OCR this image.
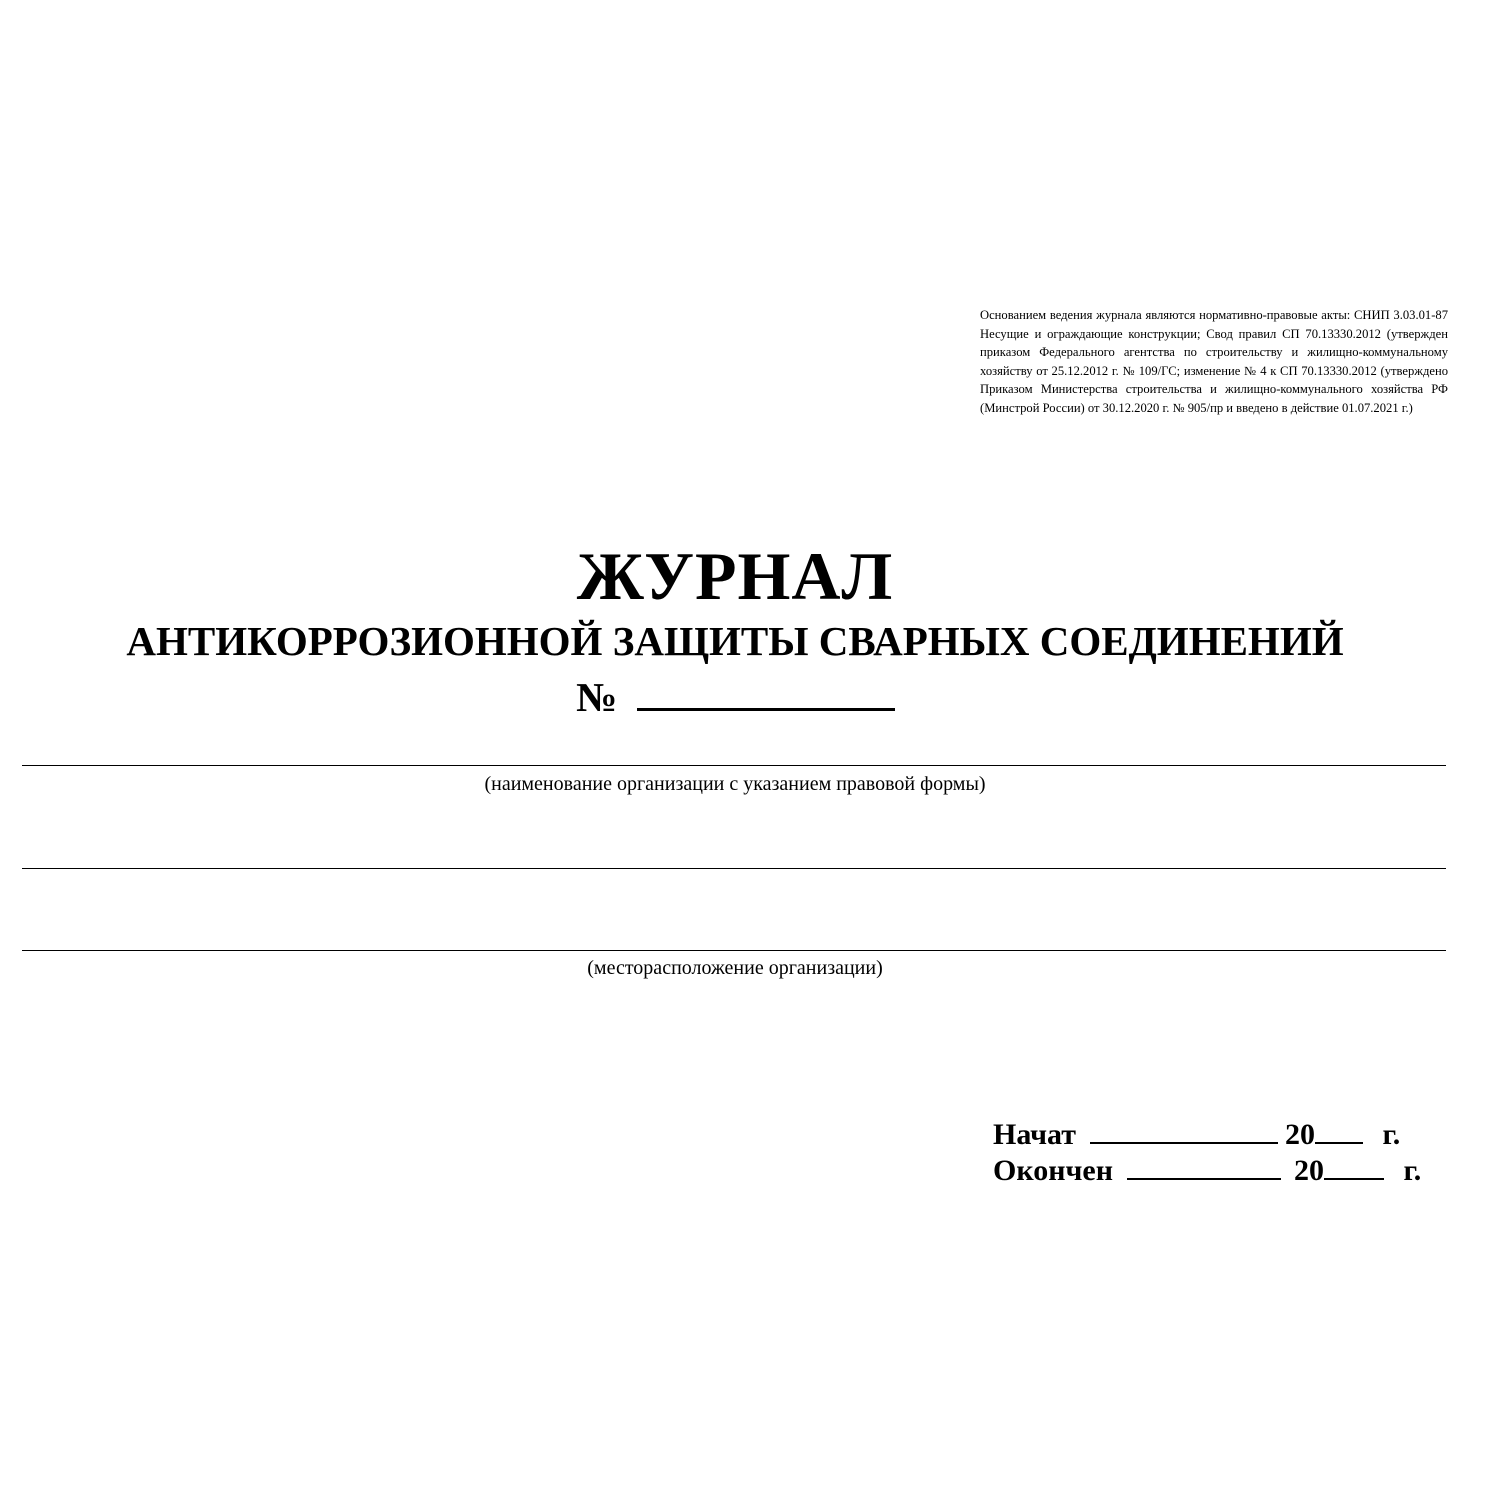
Основанием ведения журнала являются нормативно-правовые акты: СНИП 3.03.01-87 Несущие и ограждающие конструкции; Свод правил СП 70.13330.2012 (утвержден приказом Федерального агентства по строительству и жилищно-коммунальному хозяйству от 25.12.2012 г. № 109/ГС; изменение № 4 к СП 70.13330.2012 (утверждено Приказом Министерства строительства и жилищно-коммунального хозяйства РФ (Минстрой России) от 30.12.2020 г. № 905/пр и введено в действие 01.07.2021 г.)
ЖУРНАЛ
АНТИКОРРОЗИОННОЙ ЗАЩИТЫ СВАРНЫХ СОЕДИНЕНИЙ
№
(наименование организации с указанием правовой формы)
(месторасположение организации)
Начат	20 г.
Окончен	20	г.
